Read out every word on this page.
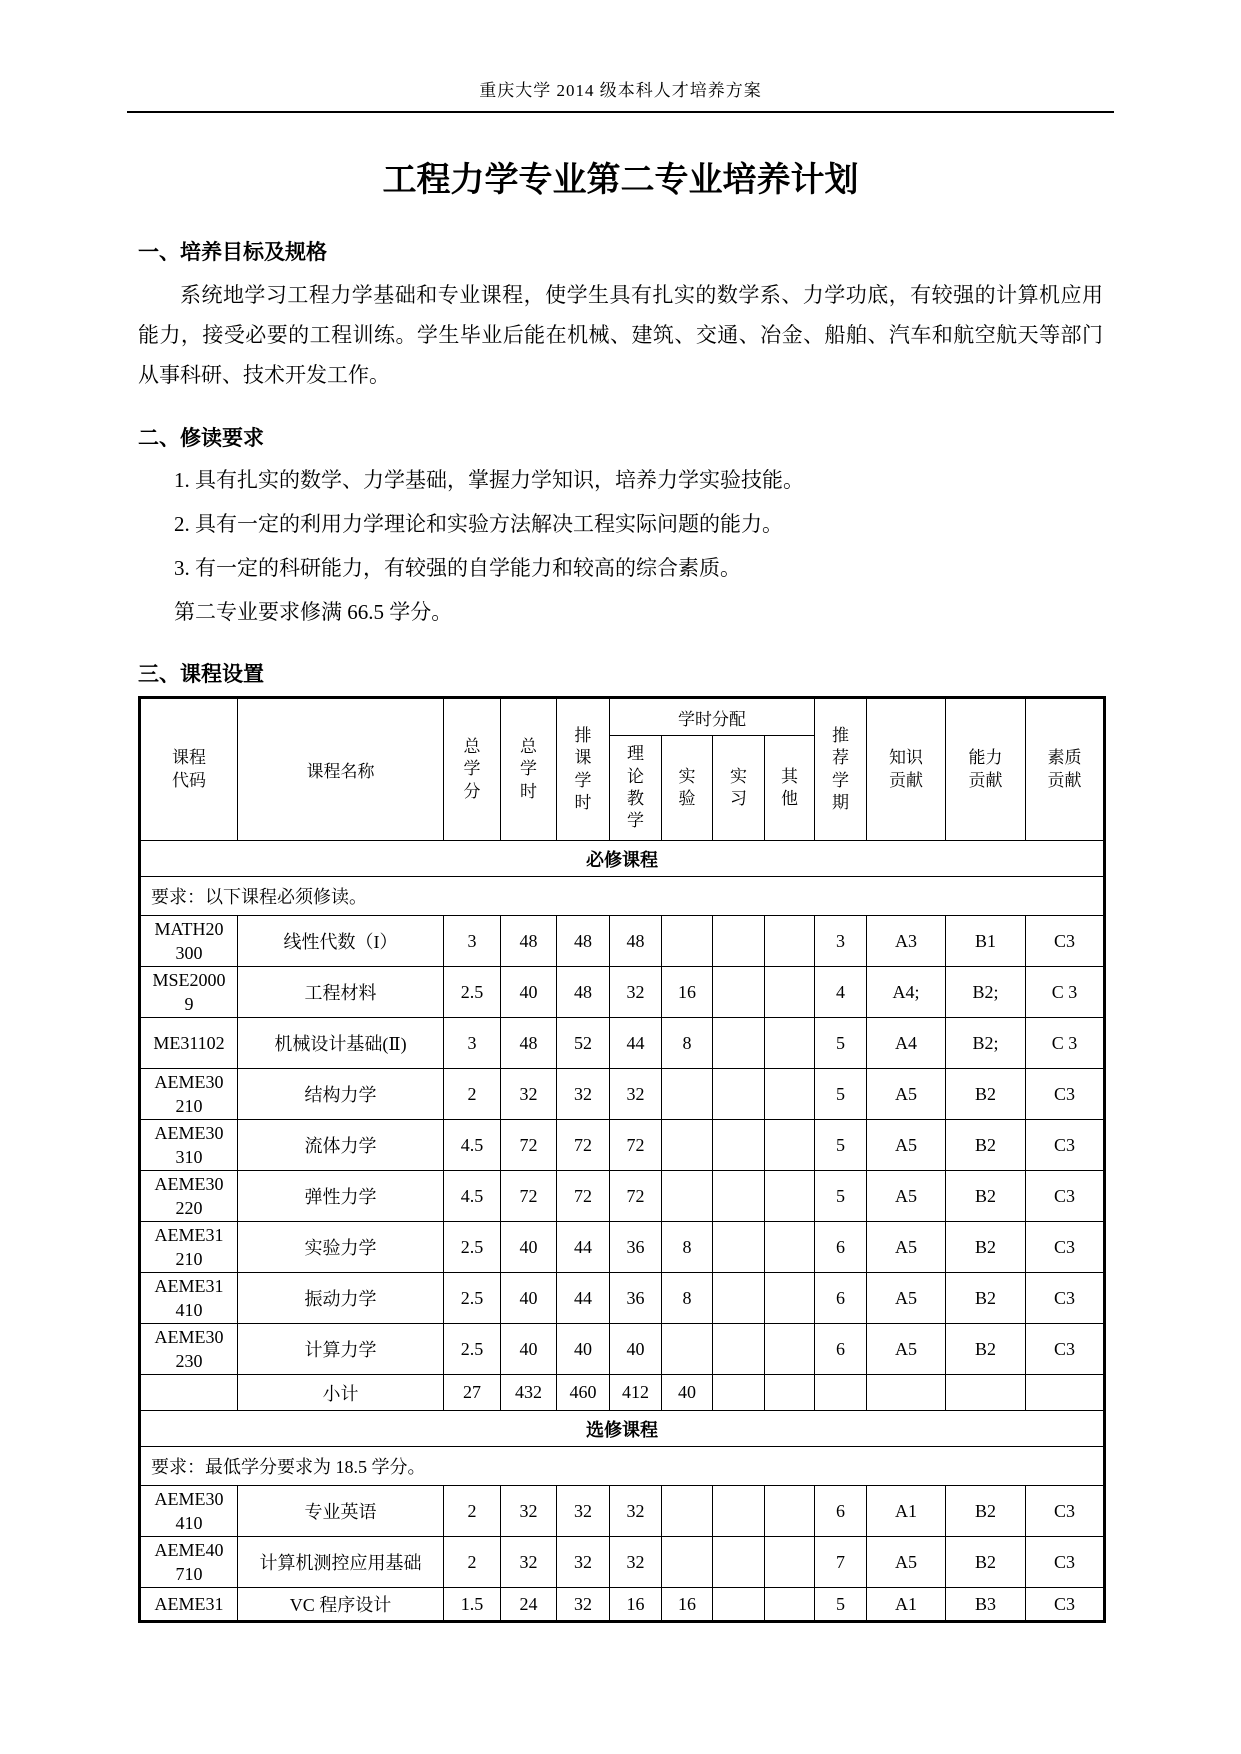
重庆大学 2014 级本科人才培养方案
工程力学专业第二专业培养计划
一、培养目标及规格

系统地学习工程力学基础和专业课程，使学生具有扎实的数学系、力学功底，有较强的计算机应用能力，接受必要的工程训练。学生毕业后能在机械、建筑、交通、冶金、船舶、汽车和航空航天等部门从事科研、技术开发工作。

二、修读要求

1. 具有扎实的数学、力学基础，掌握力学知识，培养力学实验技能。

2. 具有一定的利用力学理论和实验方法解决工程实际问题的能力。

3. 有一定的科研能力，有较强的自学能力和较高的综合素质。

第二专业要求修满 66.5 学分。

三、课程设置
课程代码	课程名称	总学分	总学时	排课学时	学时分配				推荐学期	知识贡献	能力贡献	素质贡献
					理论教学	实验	实习	其他				
必修课程												
要求：以下课程必须修读。												
MATH20300	线性代数（I）	3	48	48	48				3	A3	B1	C3
MSE20009	工程材料	2.5	40	48	32	16			4	A4;	B2;	C 3
ME31102	机械设计基础(Ⅱ)	3	48	52	44	8			5	A4	B2;	C 3
AEME30210	结构力学	2	32	32	32				5	A5	B2	C3
AEME30310	流体力学	4.5	72	72	72				5	A5	B2	C3
AEME30220	弹性力学	4.5	72	72	72				5	A5	B2	C3
AEME31210	实验力学	2.5	40	44	36	8			6	A5	B2	C3
AEME31410	振动力学	2.5	40	44	36	8			6	A5	B2	C3
AEME30230	计算力学	2.5	40	40	40				6	A5	B2	C3
	小计	27	432	460	412	40						
选修课程												
要求：最低学分要求为 18.5 学分。												
AEME30410	专业英语	2	32	32	32				6	A1	B2	C3
AEME40710	计算机测控应用基础	2	32	32	32				7	A5	B2	C3
AEME31	VC 程序设计	1.5	24	32	16	16			5	A1	B3	C3
